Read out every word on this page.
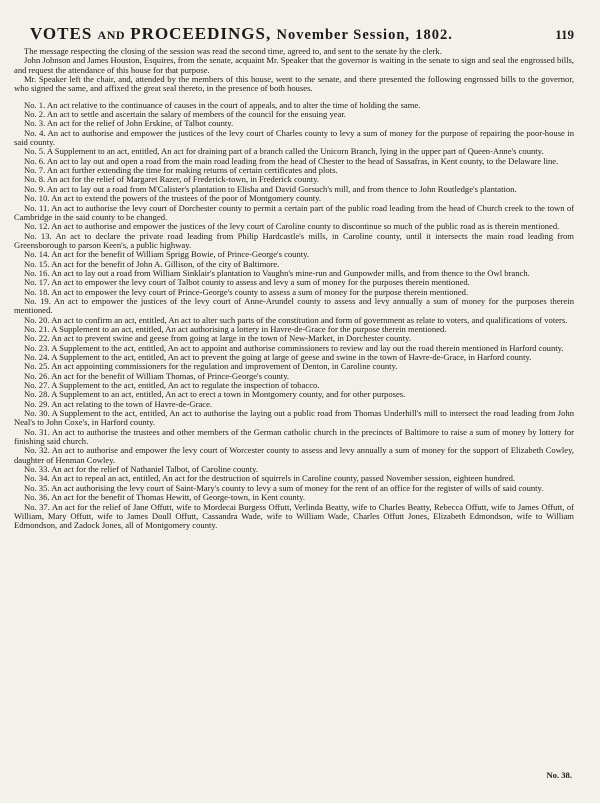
VOTES AND PROCEEDINGS, November Session, 1802.	119

The message respecting the closing of the session was read the second time, agreed to, and sent to the senate by the clerk.

John Johnson and James Houston, Esquires, from the senate, acquaint Mr. Speaker that the governor is waiting in the senate to sign and seal the engrossed bills, and request the attendance of this house for that purpose.

Mr. Speaker left the chair, and, attended by the members of this house, went to the senate, and there presented the following engrossed bills to the governor, who signed the same, and affixed the great seal thereto, in the presence of both houses.

No. 1. An act relative to the continuance of causes in the court of appeals, and to alter the time of holding the same.
No. 2. An act to settle and ascertain the salary of members of the council for the ensuing year.
No. 3. An act for the relief of John Erskine, of Talbot county.
No. 4. An act to authorise and empower the justices of the levy court of Charles county to levy a sum of money for the purpose of repairing the poor-house in said county.
No. 5. A Supplement to an act, entitled, An act for draining part of a branch called the Unicorn Branch, lying in the upper part of Queen-Anne's county.
No. 6. An act to lay out and open a road from the main road leading from the head of Chester to the head of Sassafras, in Kent county, to the Delaware line.
No. 7. An act further extending the time for making returns of certain certificates and plots.
No. 8. An act for the relief of Margaret Razer, of Frederick-town, in Frederick county.
No. 9. An act to lay out a road from M'Calister's plantation to Elisha and David Gorsuch's mill, and from thence to John Routledge's plantation.
No. 10. An act to extend the powers of the trustees of the poor of Montgomery county.
No. 11. An act to authorise the levy court of Dorchester county to permit a certain part of the public road leading from the head of Church creek to the town of Cambridge in the said county to be changed.
No. 12. An act to authorise and empower the justices of the levy court of Caroline county to discontinue so much of the public road as is therein mentioned.
No. 13. An act to declare the private road leading from Philip Hardcastle's mills, in Caroline county, until it intersects the main road leading from Greensborough to parson Keen's, a public highway.
No. 14. An act for the benefit of William Sprigg Bowie, of Prince-George's county.
No. 15. An act for the benefit of John A. Gillison, of the city of Baltimore.
No. 16. An act to lay out a road from William Sinklair's plantation to Vaughn's mine-run and Gunpowder mills, and from thence to the Owl branch.
No. 17. An act to empower the levy court of Talbot county to assess and levy a sum of money for the purposes therein mentioned.
No. 18. An act to empower the levy court of Prince-George's county to assess a sum of money for the purpose therein mentioned.
No. 19. An act to empower the justices of the levy court of Anne-Arundel county to assess and levy annually a sum of money for the purposes therein mentioned.
No. 20. An act to confirm an act, entitled, An act to alter such parts of the constitution and form of government as relate to voters, and qualifications of voters.
No. 21. A Supplement to an act, entitled, An act authorising a lottery in Havre-de-Grace for the purpose therein mentioned.
No. 22. An act to prevent swine and geese from going at large in the town of New-Market, in Dorchester county.
No. 23. A Supplement to the act, entitled, An act to appoint and authorise commissioners to review and lay out the road therein mentioned in Harford county.
No. 24. A Supplement to the act, entitled, An act to prevent the going at large of geese and swine in the town of Havre-de-Grace, in Harford county.
No. 25. An act appointing commissioners for the regulation and improvement of Denton, in Caroline county.
No. 26. An act for the benefit of William Thomas, of Prince-George's county.
No. 27. A Supplement to the act, entitled, An act to regulate the inspection of tobacco.
No. 28. A Supplement to an act, entitled, An act to erect a town in Montgomery county, and for other purposes.
No. 29. An act relating to the town of Havre-de-Grace.
No. 30. A Supplement to the act, entitled, An act to authorise the laying out a public road from Thomas Underhill's mill to intersect the road leading from John Neal's to John Coxe's, in Harford county.
No. 31. An act to authorise the trustees and other members of the German catholic church in the precincts of Baltimore to raise a sum of money by lottery for finishing said church.
No. 32. An act to authorise and empower the levy court of Worcester county to assess and levy annually a sum of money for the support of Elizabeth Cowley, daughter of Henman Cowley.
No. 33. An act for the relief of Nathaniel Talbot, of Caroline county.
No. 34. An act to repeal an act, entitled, An act for the destruction of squirrels in Caroline county, passed November session, eighteen hundred.
No. 35. An act authorising the levy court of Saint-Mary's county to levy a sum of money for the rent of an office for the register of wills of said county.
No. 36. An act for the benefit of Thomas Hewitt, of George-town, in Kent county.
No. 37. An act for the relief of Jane Offutt, wife to Mordecai Burgess Offutt, Verlinda Beatty, wife to Charles Beatty, Rebecca Offutt, wife to James Offutt, of William, Mary Offutt, wife to James Doull Offutt, Cassandra Wade, wife to William Wade, Charles Offutt Jones, Elizabeth Edmondson, wife to William Edmondson, and Zadock Jones, all of Montgomery county.
No. 38.
